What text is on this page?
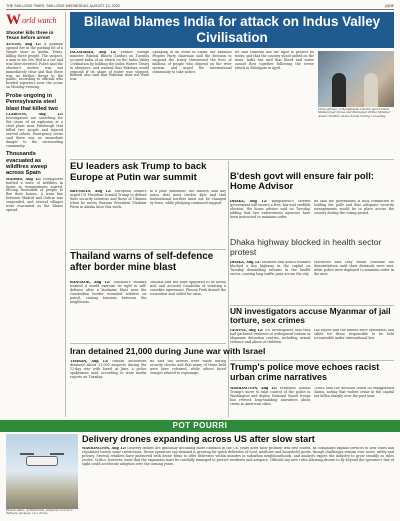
THE SHILLONG TIMES, SHILLONG WEDNESDAY, AUGUST 13, 2025	(4)NE
W orld watch
Shooter kills three in Texas before arrest
AUSTIN, Aug 12: A gunman opened fire in the parking lot of a Target store in Austin, Texas, killing three people. The suspect, a man in his 30s, fled in a car and was later arrested. Police said the shooter's motive was not immediately clear and that there was no further threat to the public, according to officials who briefed reporters near the scene on Monday evening.
Probe ongoing in Pennsylvania steel blast that killed two
CLAIRTON, Aug 12: Investigators are searching for the cause of an explosion at a steel plant near Pittsburgh that killed two people and injured several others. Emergency crews said there was no immediate danger to the surrounding community.
Thousands evacuated as wildfires sweep across Spain
MADRID, Aug 12: Firefighters battled a wave of wildfires in Spain as temperatures soared, forcing thousands of people to flee their homes. A train line between Madrid and Galicia was suspended, and several villages were evacuated as the blazes spread.
Bilawal blames India for attack on Indus Valley Civilisation
ISLAMABAD, Aug 12: Former foreign minister Bilawal Bhutto Zardari on Tuesday accused India of an attack on the Indus Valley Civilisation by holding the Indus Waters Treaty in abeyance, and warned that Pakistan would respond if its share of water was stopped. Bilawal also said that Pakistan does not want war.
Speaking at an event in Sindh, the Pakistan Peoples Party chairman said the decision to suspend the treaty threatened the lives of millions of people who depend on the river system, and urged the international community to take notice.
He said Pakistan has the right to protect its water, and that the country stood united on the issue. India has said that blood and water cannot flow together following the terror attack in Pahalgam in April.
Chief adviser of Bangladesh interim government Muhammad Yunus and Malaysian Prime Minister Anwar Ibrahim shake hands during a meeting.
EU leaders ask Trump to back Europe at Putin war summit
BRUSSELS, Aug 12: European leaders urged US President Donald Trump to defend their security interests and those of Ukraine when he meets Russian President Vladimir Putin in Alaska later this week.
In a joint statement, the leaders said any peace deal must involve Kyiv and that international borders must not be changed by force, while pledging continued support.
B'desh govt will ensure fair poll: Home Advisor
DHAKA, Aug 12: Bangladesh's interim government will ensure a free, fair and credible election, the home advisor said on Tuesday, adding that law enforcement agencies have been instructed to maintain order.
He said the government is fully committed to holding the polls and that adequate security arrangements would be in place across the country during the voting period.
Dhaka highway blocked in health sector protest
DHAKA, Aug 12: Students and health workers blocked a key highway in the capital on Tuesday demanding reforms in the health sector, causing long traffic jams across the city.
Protesters said they would continue the demonstration until their demands were met, while police were deployed to maintain order in the area.
Thailand warns of self-defence after border mine blast
BANGKOK, Aug 12: Thailand's military warned it would exercise its right to self-defence after a landmine blast near the Cambodian border wounded soldiers on patrol, raising tensions between the neighbours.
Officials said the mine appeared to be newly laid, and accused Cambodia of violating a ceasefire agreement. Phnom Penh denied the accusation and called for calm.
UN investigators accuse Myanmar of jail torture, sex crimes
GENEVA, Aug 12: UN investigators said they had gathered evidence of widespread torture in Myanmar detention centres, including sexual violence and abuse of children.
The report said the abuses were systematic and called for those responsible to be held accountable under international law.
Iran detained 21,000 during June war with Israel
TEHRAN, Aug 12: Iranian authorities detained about 21,000 suspects during the 12-day war with Israel in June, a police spokesman said, according to state media reports on Tuesday.
He said the arrests were made during security checks and that many of those held were later released, while others faced charges related to espionage.
Trump's police move echoes racist urban crime narratives
WASHINGTON, Aug 12: President Donald Trump's move to take control of the police in Washington and deploy National Guard troops has revived long-standing narratives about crime in American cities.
Critics said the decision relied on exaggerated claims, noting that violent crime in the capital has fallen sharply over the past year.
POT POURRI
Mosab Asim, of Damlarah, prepares to load a delivery package on a drone.
Delivery drones expanding across US after slow start
WASHINGTON, Aug 12: Delivery drones are gradually becoming more common in the US, years after their promise was first touted, as companies expand services to new cities and regulators loosen some restrictions. Drone operators say demand is growing for quick deliveries of food, medicine and household goods, though challenges remain over noise, safety and privacy. Several retailers have partnered with drone firms to offer deliveries within minutes in suburban neighbourhoods, and analysts expect the industry to grow steadily as rules evolve. Critics, however, warn that the expansion must be carefully managed to protect residents and airspace. Officials say new rules allowing drones to fly beyond the operator's line of sight could accelerate adoption over the coming years.
